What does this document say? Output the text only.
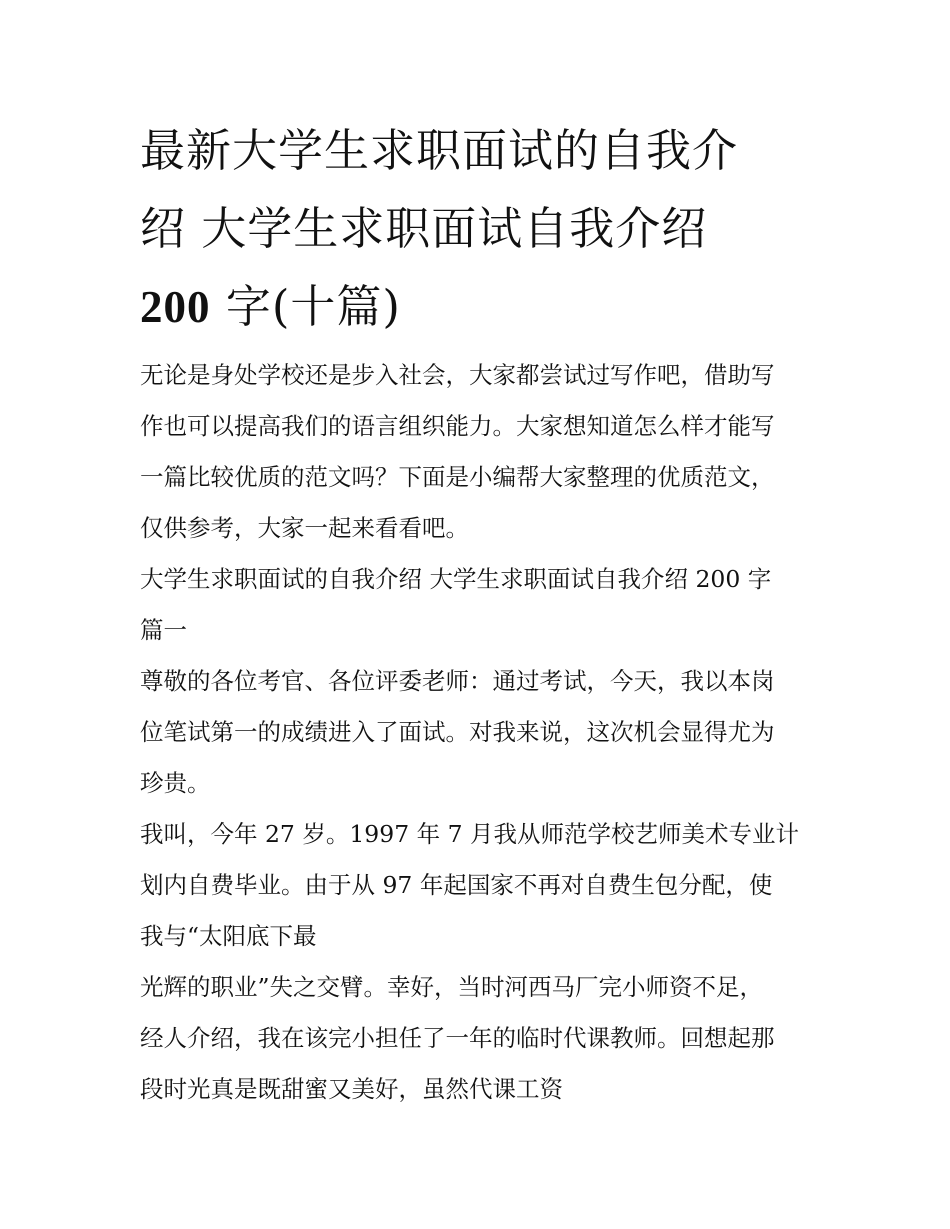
最新大学生求职面试的自我介
绍 大学生求职面试自我介绍
200 字(十篇)

无论是身处学校还是步入社会，大家都尝试过写作吧，借助写
作也可以提高我们的语言组织能力。大家想知道怎么样才能写
一篇比较优质的范文吗？下面是小编帮大家整理的优质范文，
仅供参考，大家一起来看看吧。

大学生求职面试的自我介绍 大学生求职面试自我介绍 200 字
篇一

尊敬的各位考官、各位评委老师：通过考试，今天，我以本岗
位笔试第一的成绩进入了面试。对我来说，这次机会显得尤为
珍贵。

我叫，今年 27 岁。1997 年 7 月我从师范学校艺师美术专业计
划内自费毕业。由于从 97 年起国家不再对自费生包分配，使
我与“太阳底下最

光辉的职业”失之交臂。幸好，当时河西马厂完小师资不足，
经人介绍，我在该完小担任了一年的临时代课教师。回想起那
段时光真是既甜蜜又美好，虽然代课工资
